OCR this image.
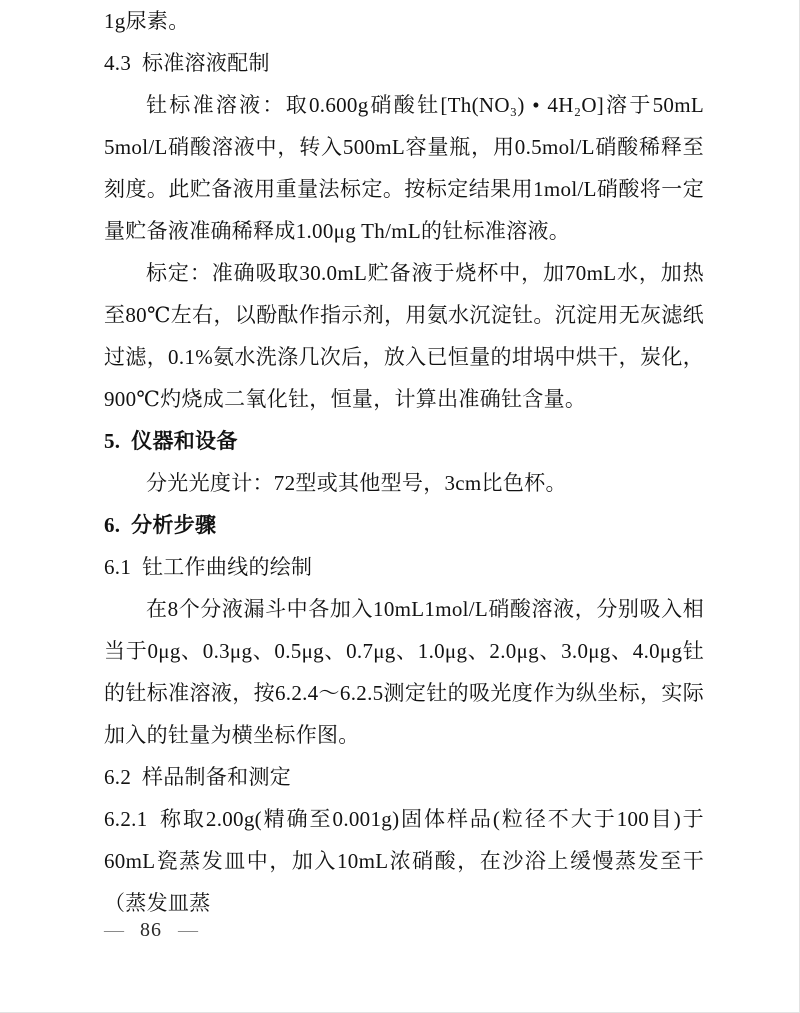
1g尿素。

4.3 标准溶液配制

钍标准溶液：取0.600g硝酸钍[Th(NO₃) • 4H₂O]溶于50mL 5mol/L硝酸溶液中，转入500mL容量瓶，用0.5mol/L硝酸稀释至刻度。此贮备液用重量法标定。按标定结果用1mol/L硝酸将一定量贮备液准确稀释成1.00μg Th/mL的钍标准溶液。

标定：准确吸取30.0mL贮备液于烧杯中，加70mL水，加热至80℃左右，以酚酞作指示剂，用氨水沉淀钍。沉淀用无灰滤纸过滤，0.1%氨水洗涤几次后，放入已恒量的坩埚中烘干，炭化，900℃灼烧成二氧化钍，恒量，计算出准确钍含量。

5. 仪器和设备

分光光度计：72型或其他型号，3cm比色杯。

6. 分析步骤

6.1 钍工作曲线的绘制

在8个分液漏斗中各加入10mL1mol/L硝酸溶液，分别吸入相当于0μg、0.3μg、0.5μg、0.7μg、1.0μg、2.0μg、3.0μg、4.0μg钍的钍标准溶液，按6.2.4～6.2.5测定钍的吸光度作为纵坐标，实际加入的钍量为横坐标作图。

6.2 样品制备和测定

6.2.1 称取2.00g(精确至0.001g)固体样品(粒径不大于100目)于60mL瓷蒸发皿中，加入10mL浓硝酸，在沙浴上缓慢蒸发至干（蒸发皿蒸

— 86 —
